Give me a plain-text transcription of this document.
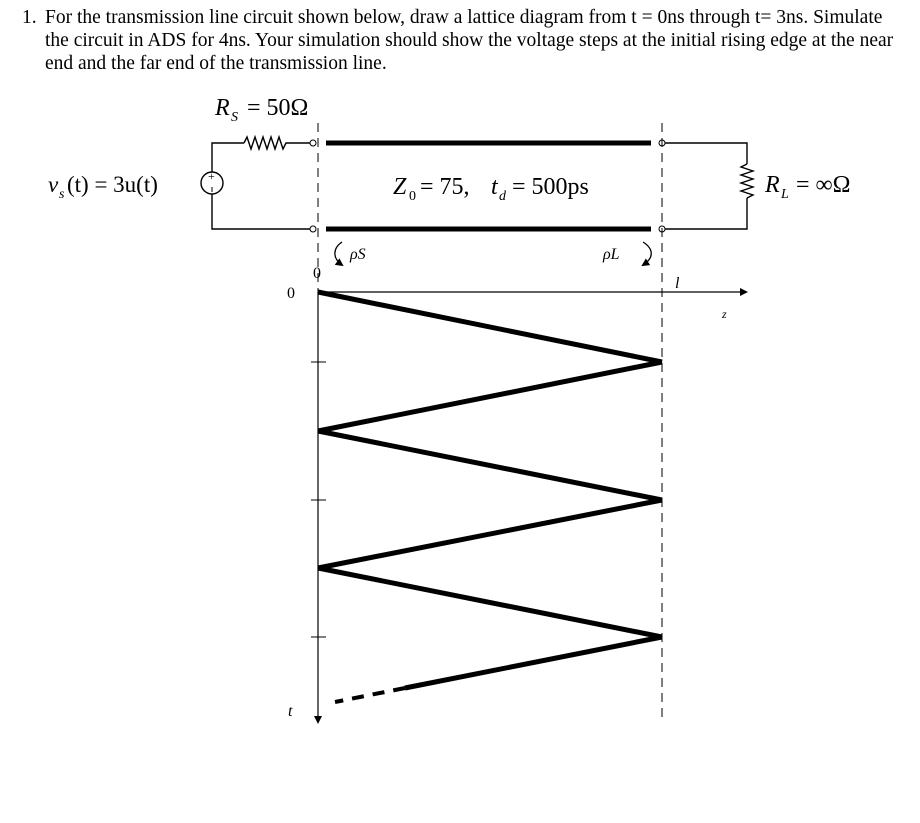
1. For the transmission line circuit shown below, draw a lattice diagram from t = 0ns through t= 3ns. Simulate the circuit in ADS for 4ns. Your simulation should show the voltage steps at the initial rising edge at the near end and the far end of the transmission line.
R S = 50Ω
+
v s (t) = 3u(t)	Z 0 = 75, t d = 500ps	R L = ∞Ω
ρS	ρL
0
l
z
0
t
